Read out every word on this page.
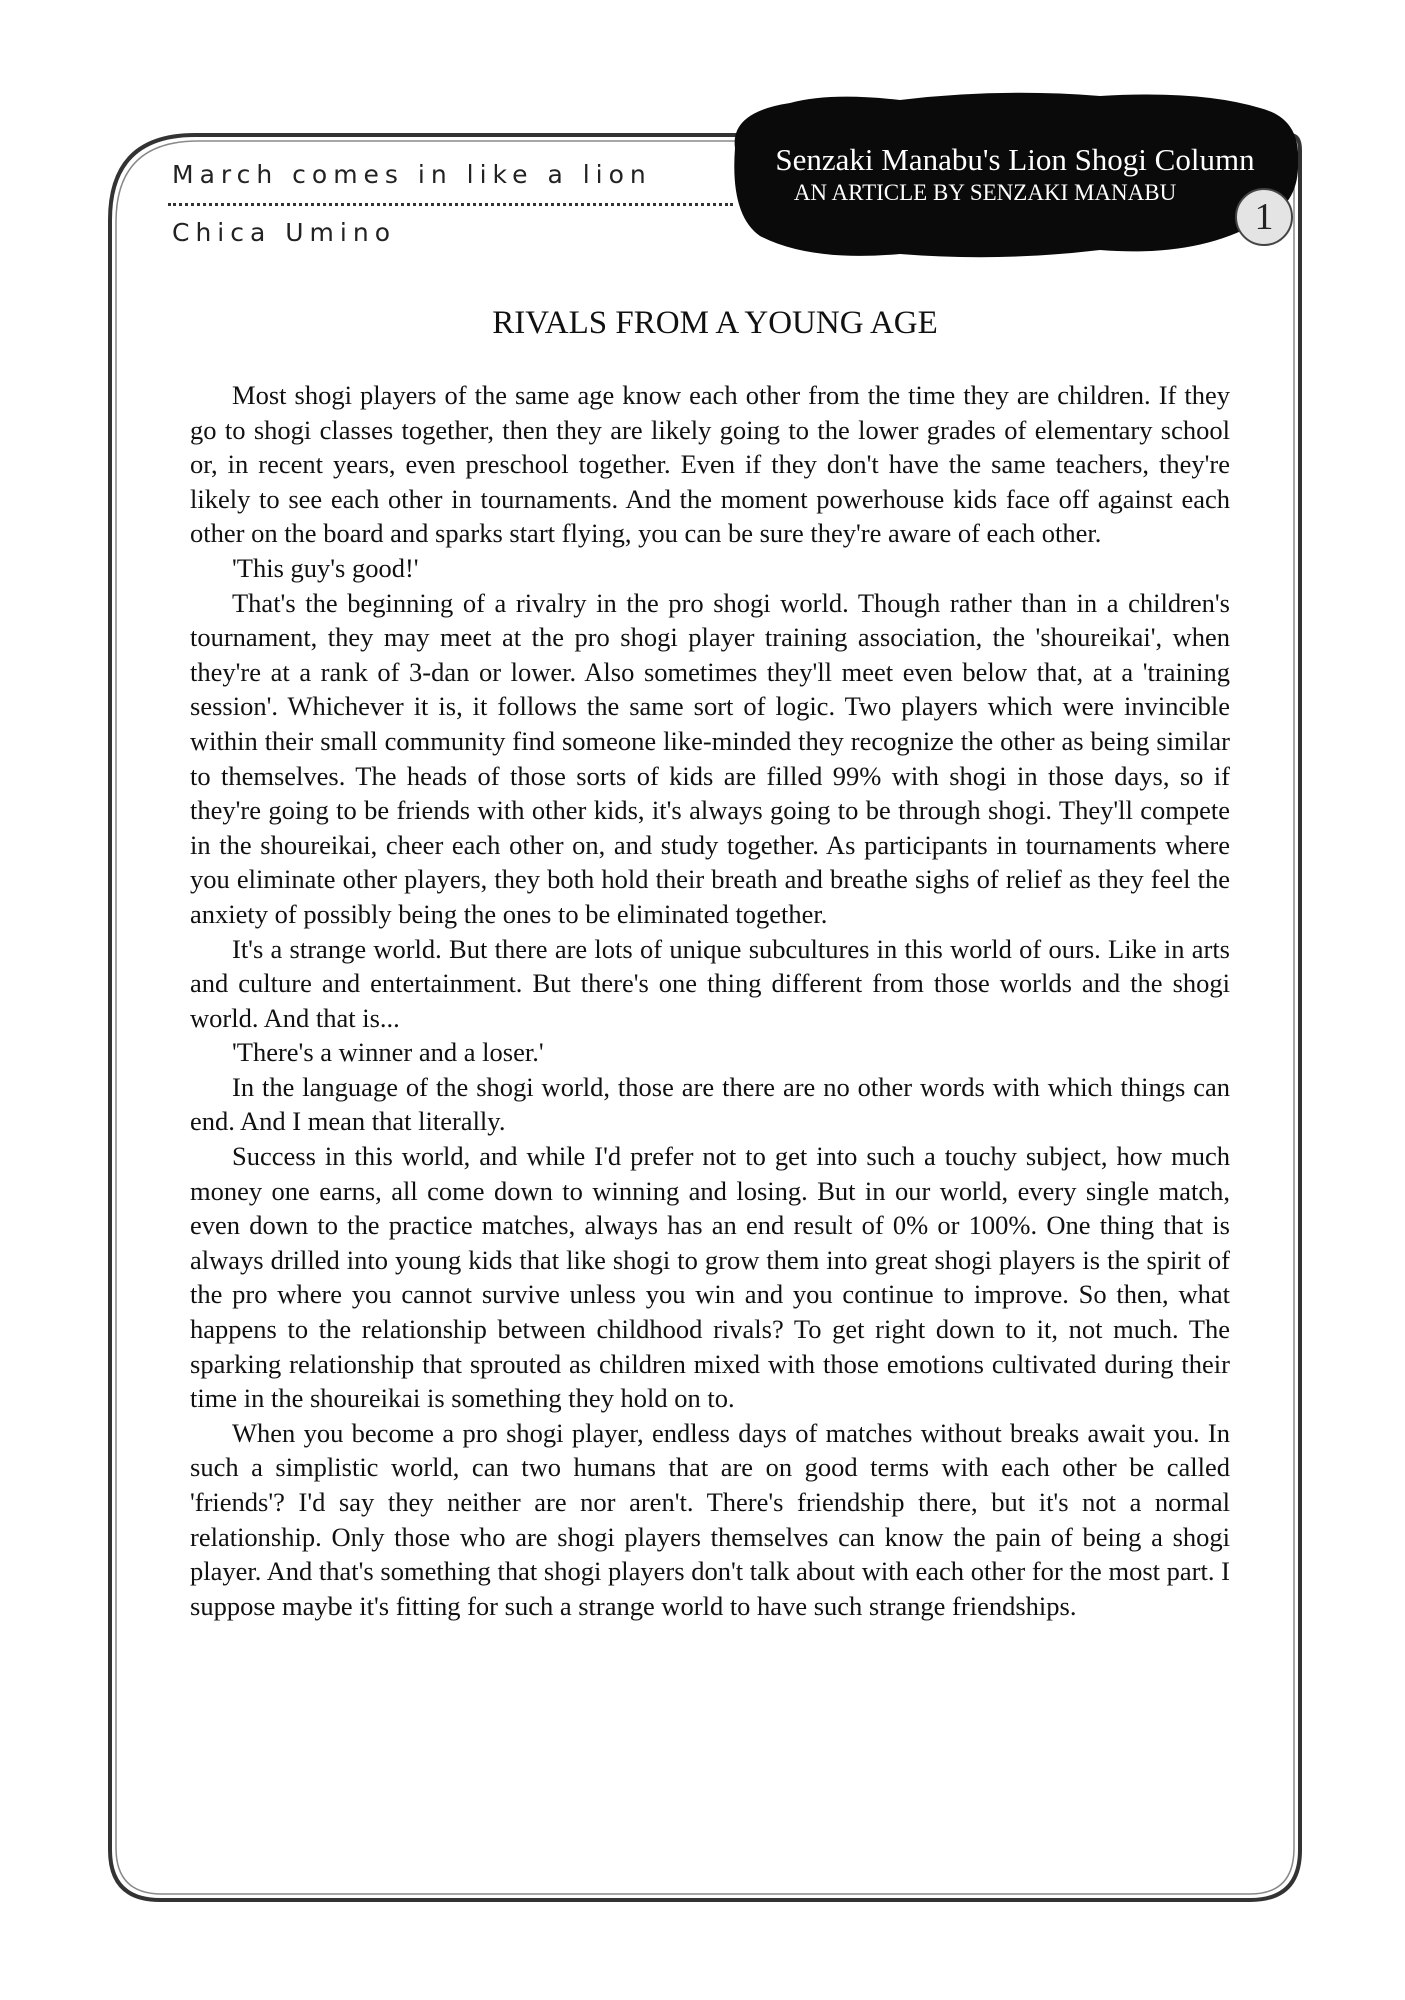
March comes in like a lion
Chica Umino
Senzaki Manabu's Lion Shogi Column
AN ARTICLE BY SENZAKI MANABU
1
RIVALS FROM A YOUNG AGE

Most shogi players of the same age know each other from the time they are children. If they go to shogi classes together, then they are likely going to the lower grades of elementary school or, in recent years, even preschool together. Even if they don't have the same teachers, they're likely to see each other in tournaments. And the moment powerhouse kids face off against each other on the board and sparks start flying, you can be sure they're aware of each other.

'This guy's good!'

That's the beginning of a rivalry in the pro shogi world. Though rather than in a children's tournament, they may meet at the pro shogi player training association, the 'shoureikai', when they're at a rank of 3-dan or lower. Also sometimes they'll meet even below that, at a 'training session'. Whichever it is, it follows the same sort of logic. Two players which were invincible within their small community find someone like-minded they recognize the other as being similar to themselves. The heads of those sorts of kids are filled 99% with shogi in those days, so if they're going to be friends with other kids, it's always going to be through shogi. They'll compete in the shoureikai, cheer each other on, and study together. As participants in tournaments where you eliminate other players, they both hold their breath and breathe sighs of relief as they feel the anxiety of possibly being the ones to be eliminated together.

It's a strange world. But there are lots of unique subcultures in this world of ours. Like in arts and culture and entertainment. But there's one thing different from those worlds and the shogi world. And that is...

'There's a winner and a loser.'

In the language of the shogi world, those are there are no other words with which things can end. And I mean that literally.

Success in this world, and while I'd prefer not to get into such a touchy subject, how much money one earns, all come down to winning and losing. But in our world, every single match, even down to the practice matches, always has an end result of 0% or 100%. One thing that is always drilled into young kids that like shogi to grow them into great shogi players is the spirit of the pro where you cannot survive unless you win and you continue to improve. So then, what happens to the relationship between childhood rivals? To get right down to it, not much. The sparking relationship that sprouted as children mixed with those emotions cultivated during their time in the shoureikai is something they hold on to.

When you become a pro shogi player, endless days of matches without breaks await you. In such a simplistic world, can two humans that are on good terms with each other be called 'friends'? I'd say they neither are nor aren't. There's friendship there, but it's not a normal relationship. Only those who are shogi players themselves can know the pain of being a shogi player. And that's something that shogi players don't talk about with each other for the most part. I suppose maybe it's fitting for such a strange world to have such strange friendships.
